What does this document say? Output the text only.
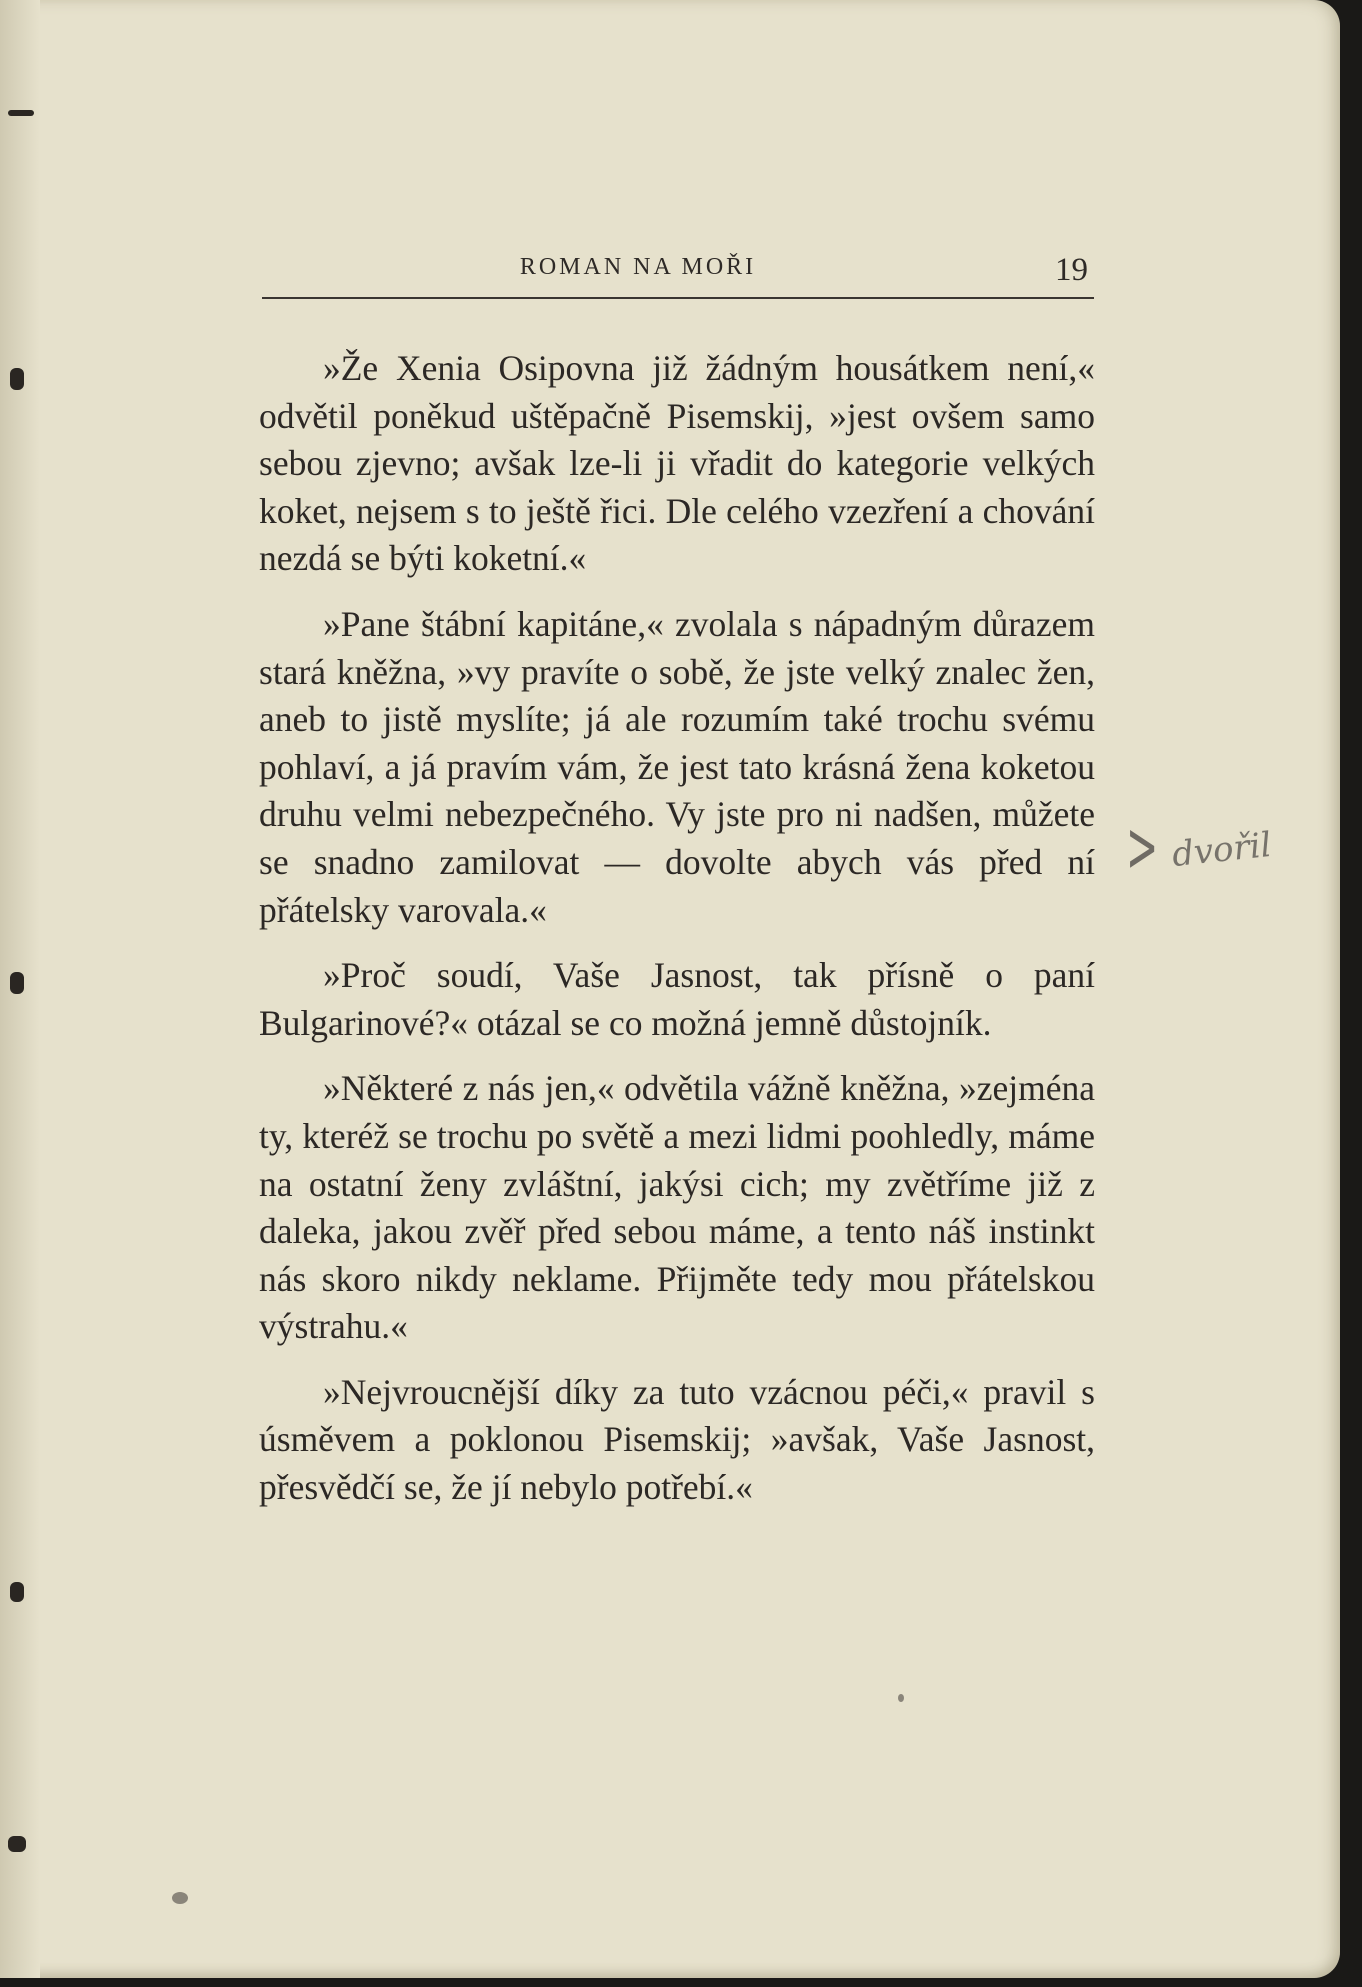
ROMAN NA MOŘI	19

»Že Xenia Osipovna již žádným housátkem není,« odvětil poněkud uštěpačně Pisemskij, »jest ovšem samo sebou zjevno; avšak lze-li ji vřadit do kategorie velkých koket, nejsem s to ještě řici. Dle celého vzezření a chování nezdá se býti koketní.«

»Pane štábní kapitáne,« zvolala s nápadným důrazem stará kněžna, »vy pravíte o sobě, že jste velký znalec žen, aneb to jistě myslíte; já ale rozumím také trochu svému pohlaví, a já pravím vám, že jest tato krásná žena koketou druhu velmi nebezpečného. Vy jste pro ni nadšen, můžete se snadno zamilovat — dovolte abych vás před ní přátelsky varovala.«

»Proč soudí, Vaše Jasnost, tak přísně o paní Bulgarinové?« otázal se co možná jemně důstojník.

»Některé z nás jen,« odvětila vážně kněžna, »zejména ty, kteréž se trochu po světě a mezi lidmi poohledly, máme na ostatní ženy zvláštní, jakýsi cich; my zvětříme již z daleka, jakou zvěř před sebou máme, a tento náš instinkt nás skoro nikdy neklame. Přijměte tedy mou přátelskou výstrahu.«

»Nejvroucnější díky za tuto vzácnou péči,« pravil s úsměvem a poklonou Pisemskij; »avšak, Vaše Jasnost, přesvědčí se, že jí nebylo potřebí.«

> dvořil
